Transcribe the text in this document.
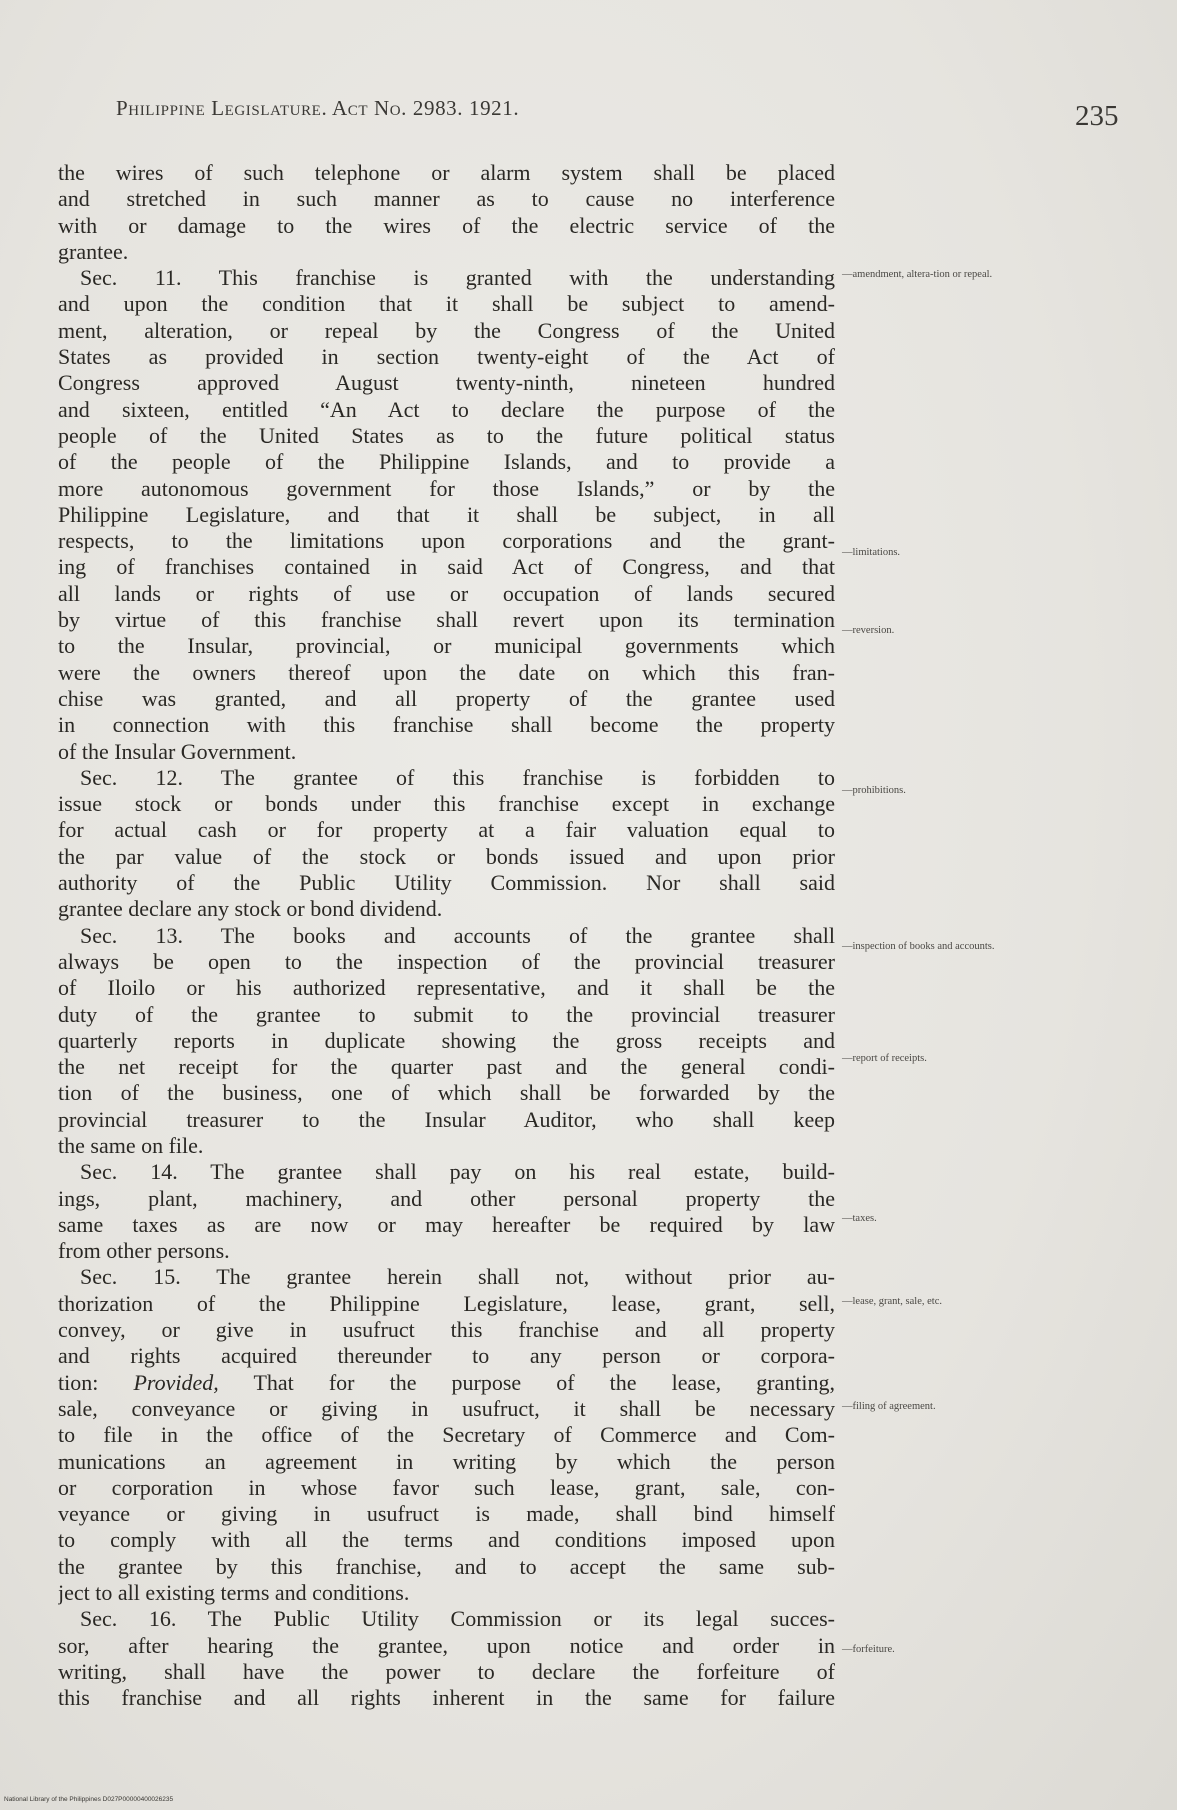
Philippine Legislature. Act No. 2983. 1921.	235
the wires of such telephone or alarm system shall be placed
and stretched in such manner as to cause no interference
with or damage to the wires of the electric service of the
grantee.
Sec. 11. This franchise is granted with the understanding
and upon the condition that it shall be subject to amend-
ment, alteration, or repeal by the Congress of the United
States as provided in section twenty-eight of the Act of
Congress approved August twenty-ninth, nineteen hundred
and sixteen, entitled “An Act to declare the purpose of the
people of the United States as to the future political status
of the people of the Philippine Islands, and to provide a
more autonomous government for those Islands,” or by the
Philippine Legislature, and that it shall be subject, in all
respects, to the limitations upon corporations and the grant-
ing of franchises contained in said Act of Congress, and that
all lands or rights of use or occupation of lands secured
by virtue of this franchise shall revert upon its termination
to the Insular, provincial, or municipal governments which
were the owners thereof upon the date on which this fran-
chise was granted, and all property of the grantee used
in connection with this franchise shall become the property
of the Insular Government.
Sec. 12. The grantee of this franchise is forbidden to
issue stock or bonds under this franchise except in exchange
for actual cash or for property at a fair valuation equal to
the par value of the stock or bonds issued and upon prior
authority of the Public Utility Commission. Nor shall said
grantee declare any stock or bond dividend.
Sec. 13. The books and accounts of the grantee shall
always be open to the inspection of the provincial treasurer
of Iloilo or his authorized representative, and it shall be the
duty of the grantee to submit to the provincial treasurer
quarterly reports in duplicate showing the gross receipts and
the net receipt for the quarter past and the general condi-
tion of the business, one of which shall be forwarded by the
provincial treasurer to the Insular Auditor, who shall keep
the same on file.
Sec. 14. The grantee shall pay on his real estate, build-
ings, plant, machinery, and other personal property the
same taxes as are now or may hereafter be required by law
from other persons.
Sec. 15. The grantee herein shall not, without prior au-
thorization of the Philippine Legislature, lease, grant, sell,
convey, or give in usufruct this franchise and all property
and rights acquired thereunder to any person or corpora-
tion: Provided, That for the purpose of the lease, granting,
sale, conveyance or giving in usufruct, it shall be necessary
to file in the office of the Secretary of Commerce and Com-
munications an agreement in writing by which the person
or corporation in whose favor such lease, grant, sale, con-
veyance or giving in usufruct is made, shall bind himself
to comply with all the terms and conditions imposed upon
the grantee by this franchise, and to accept the same sub-
ject to all existing terms and conditions.
Sec. 16. The Public Utility Commission or its legal succes-
sor, after hearing the grantee, upon notice and order in
writing, shall have the power to declare the forfeiture of
this franchise and all rights inherent in the same for failure
—amendment, altera-tion or repeal.
—limitations.
—reversion.
—prohibitions.
—inspection of books and accounts.
—report of receipts.
—taxes.
—lease, grant, sale, etc.
—filing of agreement.
—forfeiture.
National Library of the Philippines D027P00000400026235
